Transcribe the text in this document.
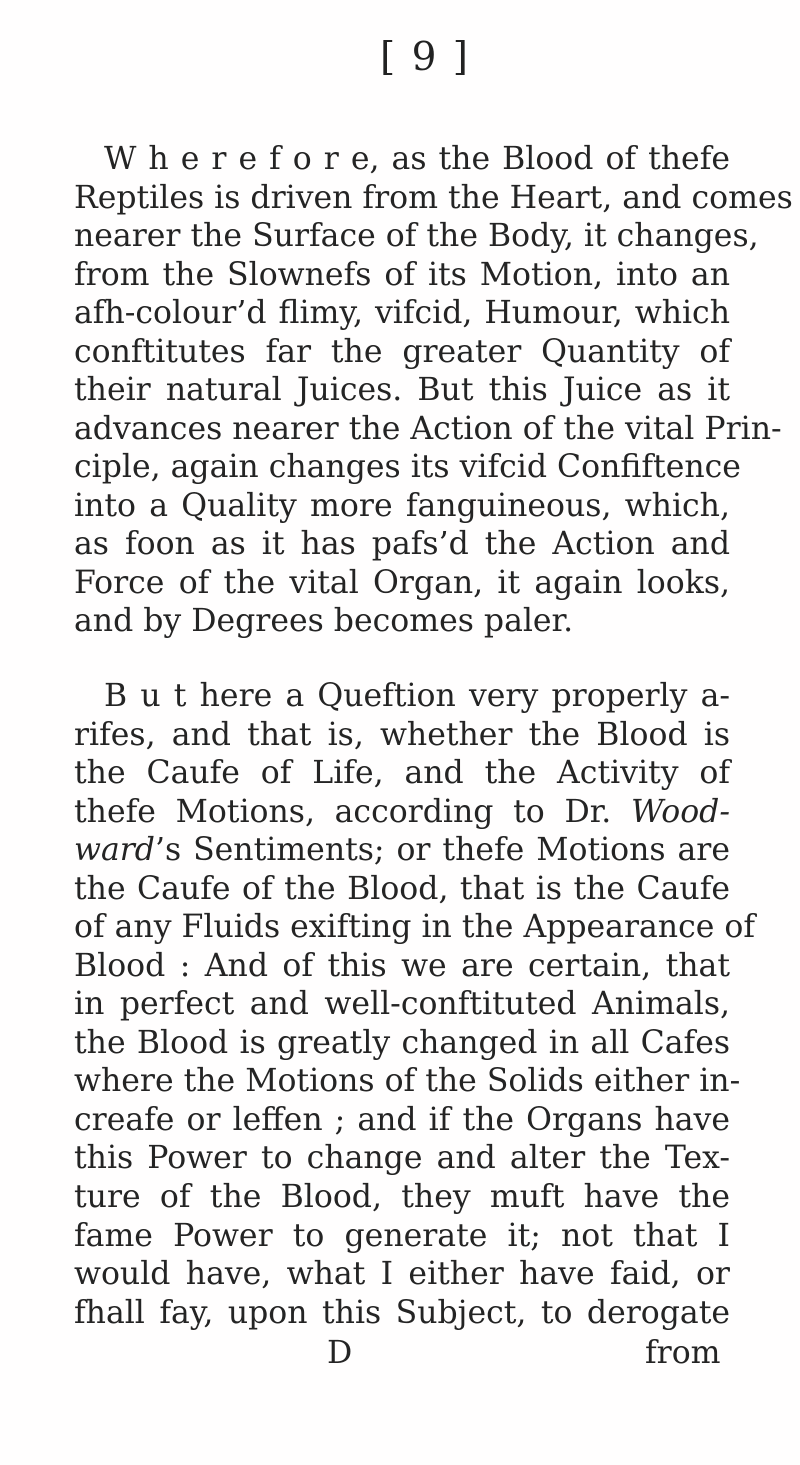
[ 9 ]
W h e r e f o r e, as the Blood of thefe
Reptiles is driven from the Heart, and comes
nearer the Surface of the Body, it changes,
from the Slownefs of its Motion, into an
afh-colour’d flimy, vifcid, Humour, which
conftitutes far the greater Quantity of
their natural Juices. But this Juice as it
advances nearer the Action of the vital Prin-
ciple, again changes its vifcid Confiftence
into a Quality more fanguineous, which,
as foon as it has pafs’d the Action and
Force of the vital Organ, it again looks,
and by Degrees becomes paler.
B u t here a Queftion very properly a-
rifes, and that is, whether the Blood is
the Caufe of Life, and the Activity of
thefe Motions, according to Dr. Wood-
ward’s Sentiments; or thefe Motions are
the Caufe of the Blood, that is the Caufe
of any Fluids exifting in the Appearance of
Blood : And of this we are certain, that
in perfect and well-conftituted Animals,
the Blood is greatly changed in all Cafes
where the Motions of the Solids either in-
creafe or leffen ; and if the Organs have
this Power to change and alter the Tex-
ture of the Blood, they muft have the
fame Power to generate it; not that I
would have, what I either have faid, or
fhall fay, upon this Subject, to derogate
D	from
